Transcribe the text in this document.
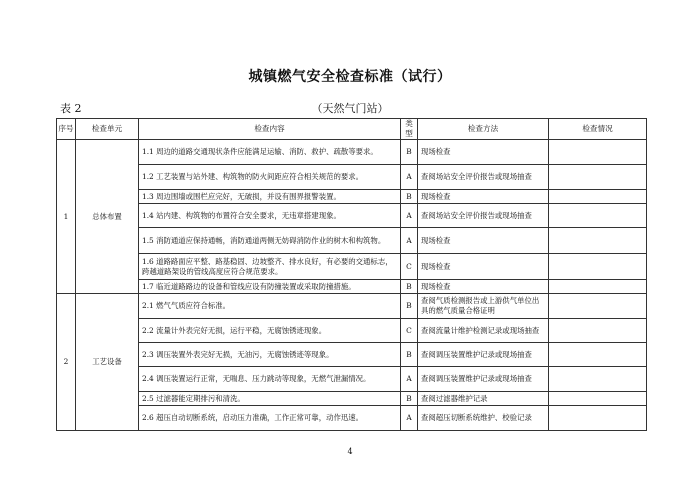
城镇燃气安全检查标准（试行）
表 2	（天然气门站）
序号	检查单元	检查内容	类型	检查方法	检查情况
1	总体布置	1.1 周边的道路交通现状条件应能满足运输、消防、救护、疏散等要求。	B	现场检查	
		1.2 工艺装置与站外建、构筑物的防火间距应符合相关规范的要求。	A	查阅场站安全评价报告或现场抽查	
		1.3 周边围墙或围栏应完好，无破损，并设有围界报警装置。	B	现场检查	
		1.4 站内建、构筑物的布置符合安全要求，无违章搭建现象。	A	查阅场站安全评价报告或现场抽查	
		1.5 消防通道应保持通畅，消防通道两侧无妨碍消防作业的树木和构筑物。	A	现场检查	
		1.6 道路路面应平整、路基稳固、边坡整齐、排水良好，有必要的交通标志，跨越道路架设的管线高度应符合规范要求。	C	现场检查	
		1.7 临近道路路边的设备和管线应设有防撞装置或采取防撞措施。	B	现场检查	
2	工艺设备	2.1 燃气气质应符合标准。	B	查阅气质检测报告或上游供气单位出具的燃气质量合格证明	
		2.2 流量计外表完好无损，运行平稳，无腐蚀锈迹现象。	C	查阅流量计维护检测记录或现场抽查	
		2.3 调压装置外表完好无损，无油污，无腐蚀锈迹等现象。	B	查阅调压装置维护记录或现场抽查	
		2.4 调压装置运行正常，无喘息、压力跳动等现象，无燃气泄漏情况。	A	查阅调压装置维护记录或现场抽查	
		2.5 过滤器能定期排污和清洗。	B	查阅过滤器维护记录	
		2.6 超压自动切断系统，启动压力准确，工作正常可靠，动作迅速。	A	查阅超压切断系统维护、校验记录	
4
